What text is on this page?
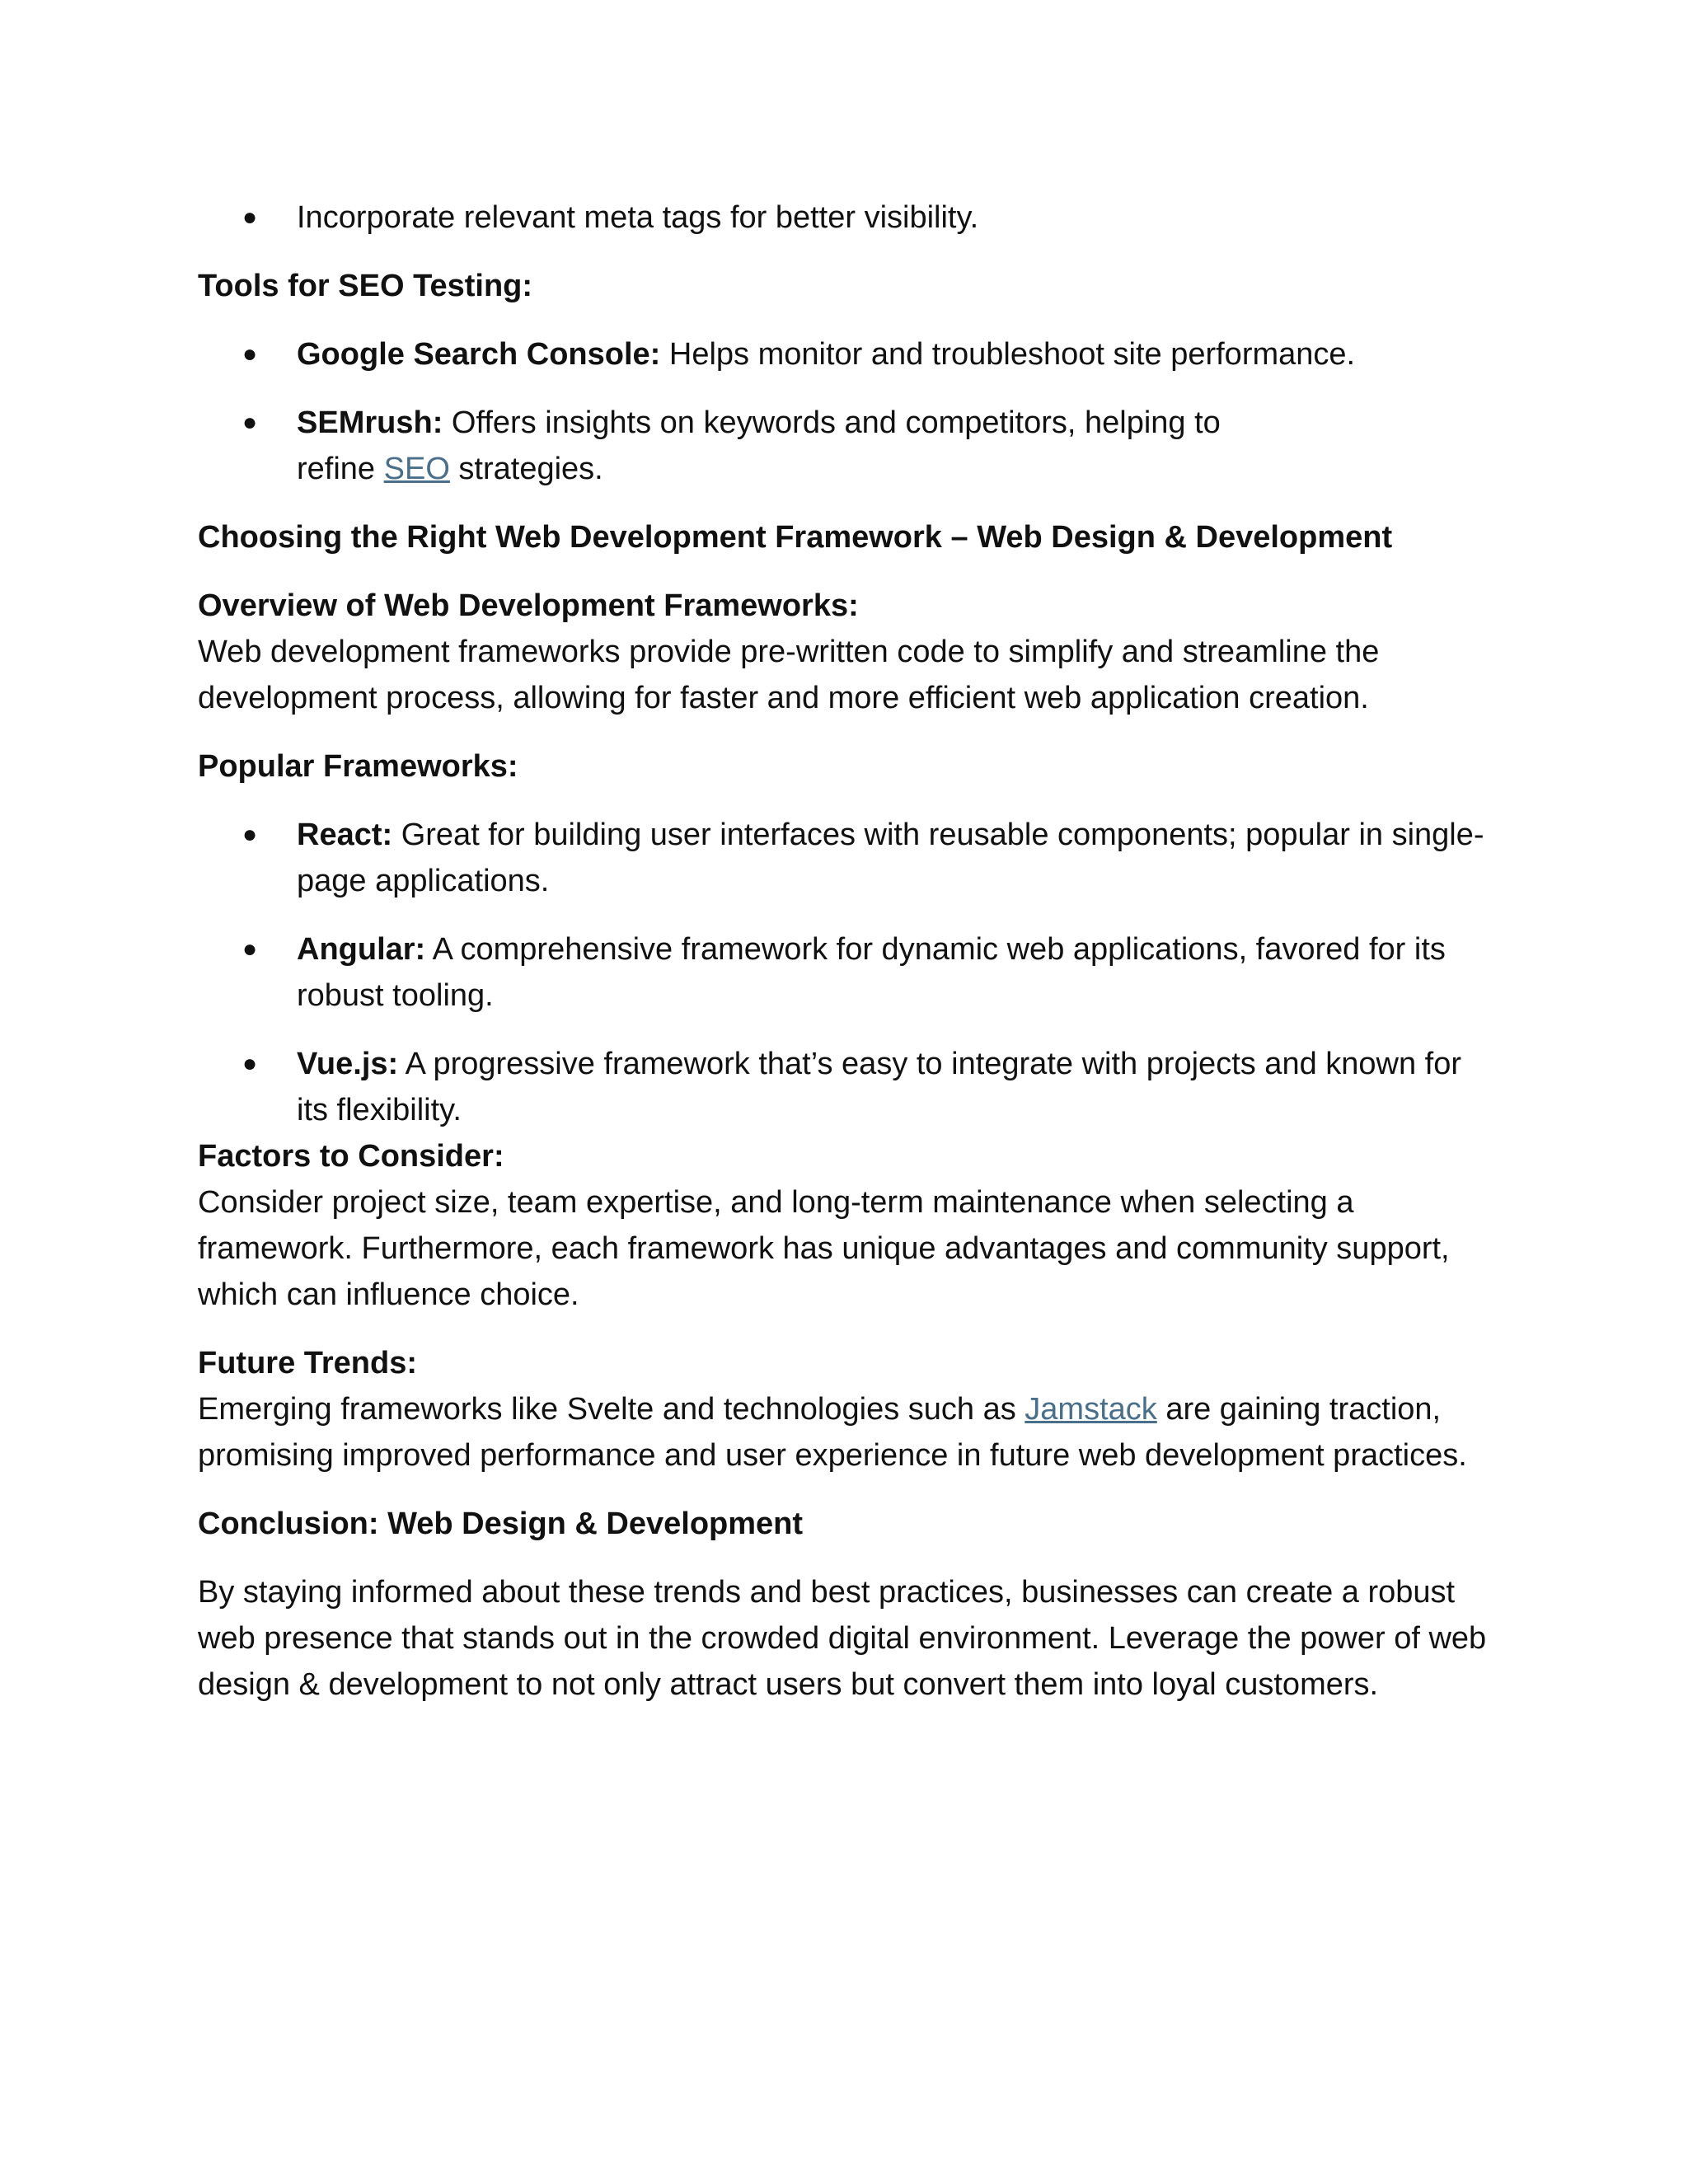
● Incorporate relevant meta tags for better visibility.

Tools for SEO Testing:

● Google Search Console: Helps monitor and troubleshoot site performance.
● SEMrush: Offers insights on keywords and competitors, helping to
refine SEO strategies.

Choosing the Right Web Development Framework – Web Design & Development

Overview of Web Development Frameworks:

Web development frameworks provide pre-written code to simplify and streamline the development process, allowing for faster and more efficient web application creation.

Popular Frameworks:

● React: Great for building user interfaces with reusable components; popular in single-page applications.
● Angular: A comprehensive framework for dynamic web applications, favored for its robust tooling.
● Vue.js: A progressive framework that’s easy to integrate with projects and known for its flexibility.

Factors to Consider:

Consider project size, team expertise, and long-term maintenance when selecting a framework. Furthermore, each framework has unique advantages and community support, which can influence choice.

Future Trends:

Emerging frameworks like Svelte and technologies such as Jamstack are gaining traction, promising improved performance and user experience in future web development practices.

Conclusion: Web Design & Development

By staying informed about these trends and best practices, businesses can create a robust web presence that stands out in the crowded digital environment. Leverage the power of web design & development to not only attract users but convert them into loyal customers.
